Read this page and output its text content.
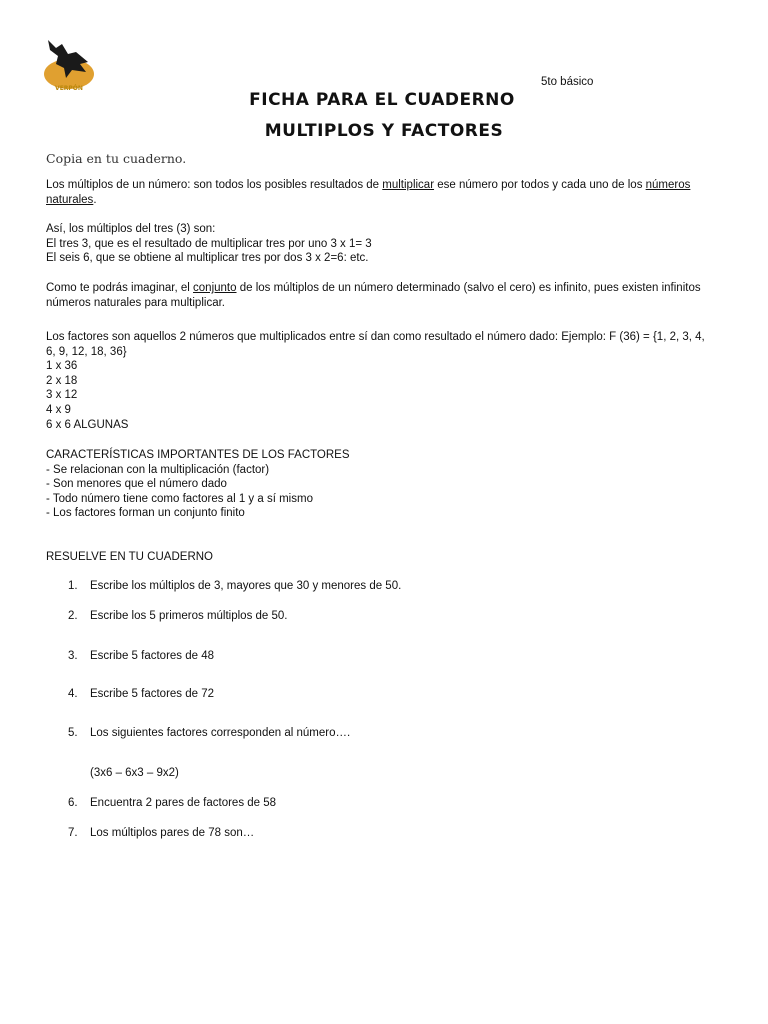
VERPÓN
5to básico
FICHA PARA EL CUADERNO
MULTIPLOS Y FACTORES
Copia en tu cuaderno.
Los múltiplos de un número: son todos los posibles resultados de multiplicar ese número por todos y cada uno de los números naturales.
Así, los múltiplos del tres (3) son:
El tres 3, que es el resultado de multiplicar tres por uno 3 x 1= 3
El seis 6, que se obtiene al multiplicar tres por dos 3 x 2=6: etc.
Como te podrás imaginar, el conjunto de los múltiplos de un número determinado (salvo el cero) es infinito, pues existen infinitos números naturales para multiplicar.
Los factores son aquellos 2 números que multiplicados entre sí dan como resultado el número dado: Ejemplo: F (36) = {1, 2, 3, 4, 6, 9, 12, 18, 36}
1 x 36
2 x 18
3 x 12
4 x 9
6 x 6 ALGUNAS
CARACTERÍSTICAS IMPORTANTES DE LOS FACTORES
- Se relacionan con la multiplicación (factor)
- Son menores que el número dado
- Todo número tiene como factores al 1 y a sí mismo
- Los factores forman un conjunto finito
RESUELVE EN TU CUADERNO
1. Escribe los múltiplos de 3, mayores que 30 y menores de 50.
2. Escribe los 5 primeros múltiplos de 50.
3. Escribe 5 factores de 48
4. Escribe 5 factores de 72
5. Los siguientes factores corresponden al número….
(3x6 – 6x3 – 9x2)
6. Encuentra 2 pares de factores de 58
7. Los múltiplos pares de 78 son…
